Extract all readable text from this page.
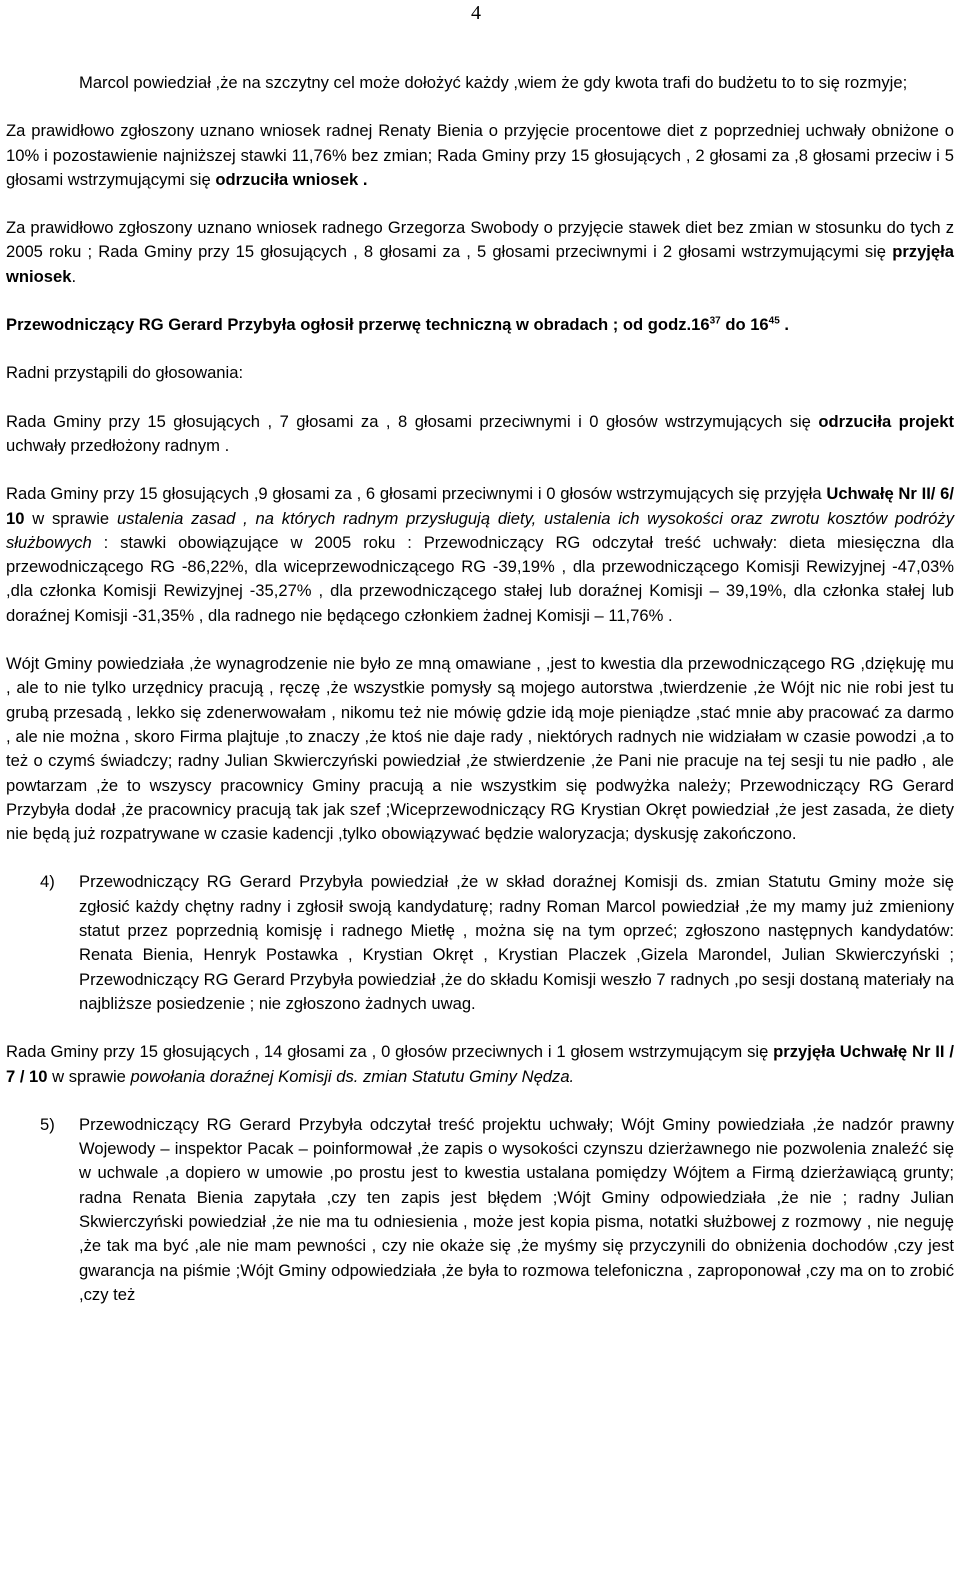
4

Marcol powiedział ,że na szczytny cel może dołożyć każdy ,wiem że gdy kwota trafi do budżetu to to się rozmyje;

Za prawidłowo zgłoszony uznano wniosek radnej Renaty Bienia o przyjęcie procentowe diet z poprzedniej uchwały obniżone o 10% i pozostawienie najniższej stawki 11,76% bez zmian; Rada Gminy przy 15 głosujących , 2 głosami za ,8 głosami przeciw i 5 głosami wstrzymującymi się odrzuciła wniosek .

Za prawidłowo zgłoszony uznano wniosek radnego Grzegorza Swobody o przyjęcie stawek diet bez zmian w stosunku do tych z 2005 roku ; Rada Gminy przy 15 głosujących , 8 głosami za , 5 głosami przeciwnymi i 2 głosami wstrzymującymi się przyjęła wniosek.

Przewodniczący RG Gerard Przybyła ogłosił przerwę techniczną w obradach ; od $godz.16^{37}$ do $16^{45}$ .

Radni przystąpili do głosowania:

Rada Gminy przy 15 głosujących , 7 głosami za , 8 głosami przeciwnymi i 0 głosów wstrzymujących się odrzuciła projekt uchwały przedłożony radnym .

Rada Gminy przy 15 głosujących ,9 głosami za , 6 głosami przeciwnymi i 0 głosów wstrzymujących się przyjęła Uchwałę Nr II/ 6/ 10 w sprawie ustalenia zasad , na których radnym przysługują diety, ustalenia ich wysokości oraz zwrotu kosztów podróży służbowych : stawki obowiązujące w 2005 roku : Przewodniczący RG odczytał treść uchwały: dieta miesięczna dla przewodniczącego RG -86,22%, dla wiceprzewodniczącego RG -39,19% , dla przewodniczącego Komisji Rewizyjnej -47,03% ,dla członka Komisji Rewizyjnej -35,27% , dla przewodniczącego stałej lub doraźnej Komisji – 39,19%, dla członka stałej lub doraźnej Komisji -31,35% , dla radnego nie będącego członkiem żadnej Komisji – 11,76% .

Wójt Gminy powiedziała ,że wynagrodzenie nie było ze mną omawiane , ,jest to kwestia dla przewodniczącego RG ,dziękuję mu , ale to nie tylko urzędnicy pracują , ręczę ,że wszystkie pomysły są mojego autorstwa ,twierdzenie ,że Wójt nic nie robi jest tu grubą przesadą , lekko się zdenerwowałam , nikomu też nie mówię gdzie idą moje pieniądze ,stać mnie aby pracować za darmo , ale nie można , skoro Firma plajtuje ,to znaczy ,że ktoś nie daje rady , niektórych radnych nie widziałam w czasie powodzi ,a to też o czymś świadczy; radny Julian Skwierczyński powiedział ,że stwierdzenie ,że Pani nie pracuje na tej sesji tu nie padło , ale powtarzam ,że to wszyscy pracownicy Gminy pracują a nie wszystkim się podwyżka należy; Przewodniczący RG Gerard Przybyła dodał ,że pracownicy pracują tak jak szef ;Wiceprzewodniczący RG Krystian Okręt powiedział ,że jest zasada, że diety nie będą już rozpatrywane w czasie kadencji ,tylko obowiązywać będzie waloryzacja; dyskusję zakończono.

4) Przewodniczący RG Gerard Przybyła powiedział ,że w skład doraźnej Komisji ds. zmian Statutu Gminy może się zgłosić każdy chętny radny i zgłosił swoją kandydaturę; radny Roman Marcol powiedział ,że my mamy już zmieniony statut przez poprzednią komisję i radnego Mietłę , można się na tym oprzeć; zgłoszono następnych kandydatów: Renata Bienia, Henryk Postawka , Krystian Okręt , Krystian Placzek ,Gizela Marondel, Julian Skwierczyński ; Przewodniczący RG Gerard Przybyła powiedział ,że do składu Komisji weszło 7 radnych ,po sesji dostaną materiały na najbliższe posiedzenie ; nie zgłoszono żadnych uwag.

Rada Gminy przy 15 głosujących , 14 głosami za , 0 głosów przeciwnych i 1 głosem wstrzymującym się przyjęła Uchwałę Nr II / 7 / 10 w sprawie powołania doraźnej Komisji ds. zmian Statutu Gminy Nędza.

5) Przewodniczący RG Gerard Przybyła odczytał treść projektu uchwały; Wójt Gminy powiedziała ,że nadzór prawny Wojewody – inspektor Pacak – poinformował ,że zapis o wysokości czynszu dzierżawnego nie pozwolenia znaleźć się w uchwale ,a dopiero w umowie ,po prostu jest to kwestia ustalana pomiędzy Wójtem a Firmą dzierżawiącą grunty; radna Renata Bienia zapytała ,czy ten zapis jest błędem ;Wójt Gminy odpowiedziała ,że nie ; radny Julian Skwierczyński powiedział ,że nie ma tu odniesienia , może jest kopia pisma, notatki służbowej z rozmowy , nie neguję ,że tak ma być ,ale nie mam pewności , czy nie okaże się ,że myśmy się przyczynili do obniżenia dochodów ,czy jest gwarancja na piśmie ;Wójt Gminy odpowiedziała ,że była to rozmowa telefoniczna , zaproponował ,czy ma on to zrobić ,czy też
